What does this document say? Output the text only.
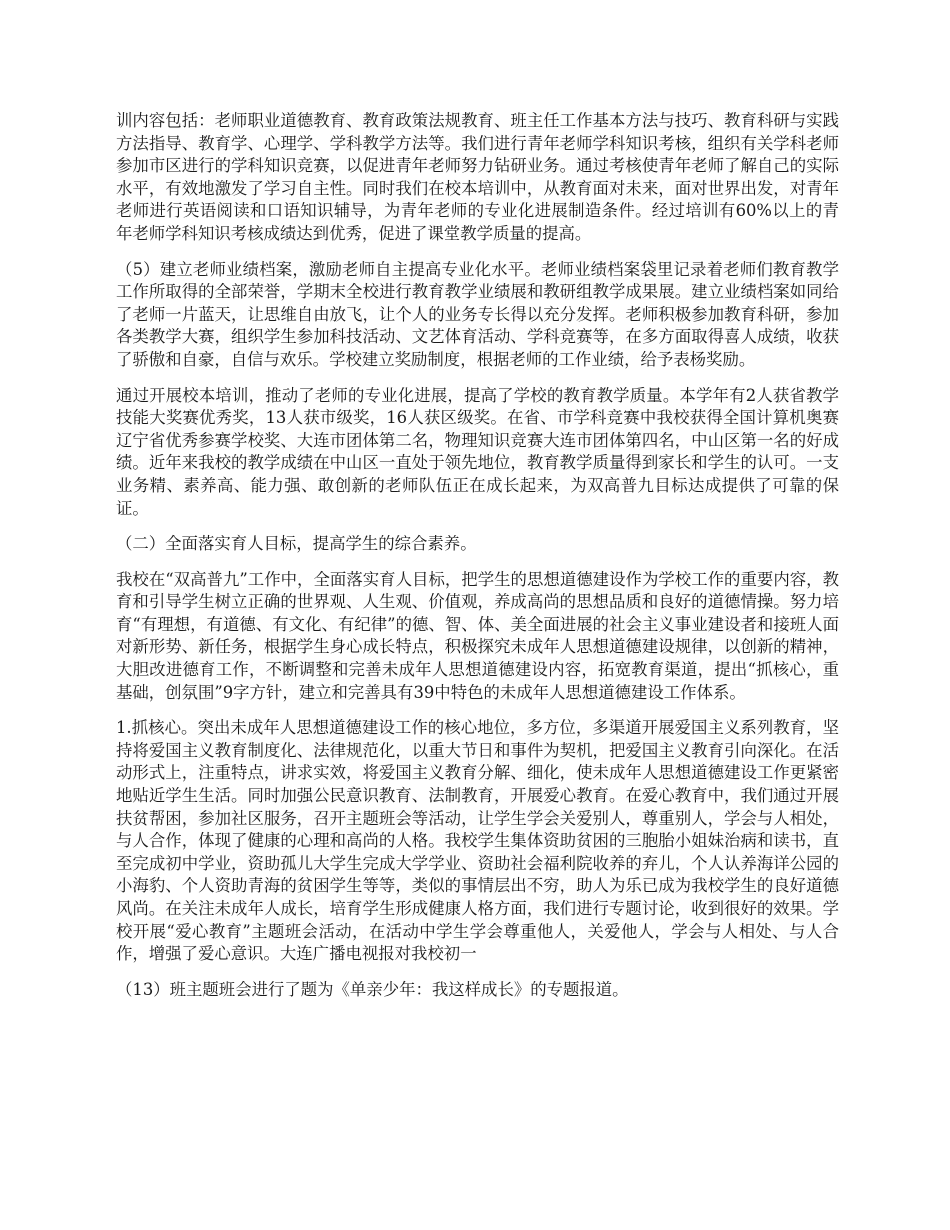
训内容包括：老师职业道德教育、教育政策法规教育、班主任工作基本方法与技巧、教育科研与实践方法指导、教育学、心理学、学科教学方法等。我们进行青年老师学科知识考核，组织有关学科老师参加市区进行的学科知识竞赛，以促进青年老师努力钻研业务。通过考核使青年老师了解自己的实际水平，有效地激发了学习自主性。同时我们在校本培训中，从教育面对未来，面对世界出发，对青年老师进行英语阅读和口语知识辅导，为青年老师的专业化进展制造条件。经过培训有60%以上的青年老师学科知识考核成绩达到优秀，促进了课堂教学质量的提高。

（5）建立老师业绩档案，激励老师自主提高专业化水平。老师业绩档案袋里记录着老师们教育教学工作所取得的全部荣誉，学期末全校进行教育教学业绩展和教研组教学成果展。建立业绩档案如同给了老师一片蓝天，让思维自由放飞，让个人的业务专长得以充分发挥。老师积极参加教育科研，参加各类教学大赛，组织学生参加科技活动、文艺体育活动、学科竞赛等，在多方面取得喜人成绩，收获了骄傲和自豪，自信与欢乐。学校建立奖励制度，根据老师的工作业绩，给予表杨奖励。

通过开展校本培训，推动了老师的专业化进展，提高了学校的教育教学质量。本学年有2人获省教学技能大奖赛优秀奖，13人获市级奖，16人获区级奖。在省、市学科竞赛中我校获得全国计算机奥赛辽宁省优秀参赛学校奖、大连市团体第二名，物理知识竞赛大连市团体第四名，中山区第一名的好成绩。近年来我校的教学成绩在中山区一直处于领先地位，教育教学质量得到家长和学生的认可。一支业务精、素养高、能力强、敢创新的老师队伍正在成长起来，为双高普九目标达成提供了可靠的保证。

（二）全面落实育人目标，提高学生的综合素养。

我校在“双高普九”工作中，全面落实育人目标，把学生的思想道德建设作为学校工作的重要内容，教育和引导学生树立正确的世界观、人生观、价值观，养成高尚的思想品质和良好的道德情操。努力培育“有理想，有道德、有文化、有纪律”的德、智、体、美全面进展的社会主义事业建设者和接班人面对新形势、新任务，根据学生身心成长特点，积极探究未成年人思想道德建设规律，以创新的精神，大胆改进德育工作，不断调整和完善未成年人思想道德建设内容，拓宽教育渠道，提出“抓核心，重基础，创氛围”9字方针，建立和完善具有39中特色的未成年人思想道德建设工作体系。

1.抓核心。突出未成年人思想道德建设工作的核心地位，多方位，多渠道开展爱国主义系列教育，坚持将爱国主义教育制度化、法律规范化，以重大节日和事件为契机，把爱国主义教育引向深化。在活动形式上，注重特点，讲求实效，将爱国主义教育分解、细化，使未成年人思想道德建设工作更紧密地贴近学生生活。同时加强公民意识教育、法制教育，开展爱心教育。在爱心教育中，我们通过开展扶贫帮困，参加社区服务，召开主题班会等活动，让学生学会关爱别人，尊重别人，学会与人相处，与人合作，体现了健康的心理和高尚的人格。我校学生集体资助贫困的三胞胎小姐妹治病和读书，直至完成初中学业，资助孤儿大学生完成大学学业、资助社会福利院收养的弃儿，个人认养海详公园的小海豹、个人资助青海的贫困学生等等，类似的事情层出不穷，助人为乐已成为我校学生的良好道德风尚。在关注未成年人成长，培育学生形成健康人格方面，我们进行专题讨论，收到很好的效果。学校开展“爱心教育”主题班会活动，在活动中学生学会尊重他人，关爱他人，学会与人相处、与人合作，增强了爱心意识。大连广播电视报对我校初一

（13）班主题班会进行了题为《单亲少年：我这样成长》的专题报道。
